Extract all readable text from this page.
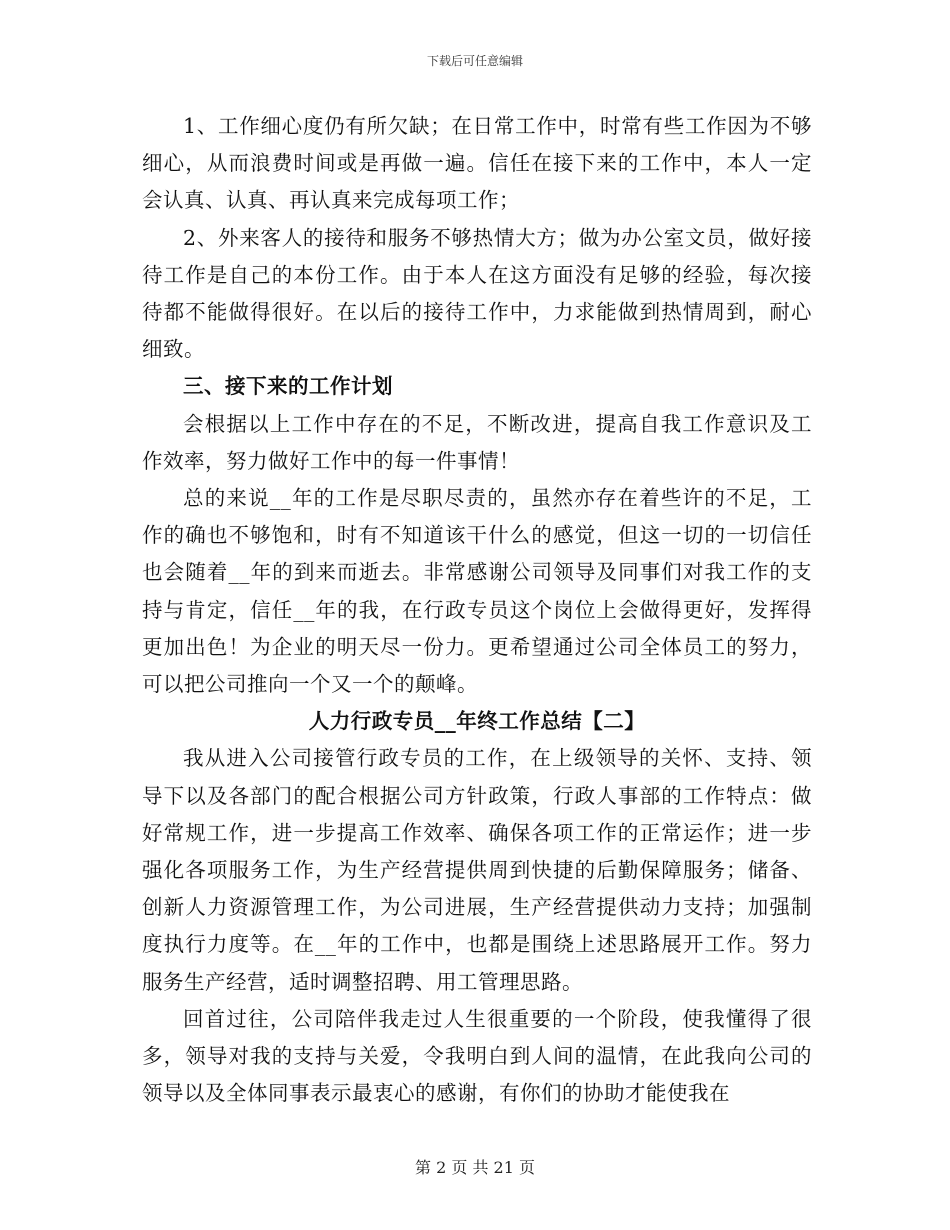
下载后可任意编辑

1、工作细心度仍有所欠缺；在日常工作中，时常有些工作因为不够细心，从而浪费时间或是再做一遍。信任在接下来的工作中，本人一定会认真、认真、再认真来完成每项工作；

2、外来客人的接待和服务不够热情大方；做为办公室文员，做好接待工作是自己的本份工作。由于本人在这方面没有足够的经验，每次接待都不能做得很好。在以后的接待工作中，力求能做到热情周到，耐心细致。

三、接下来的工作计划

会根据以上工作中存在的不足，不断改进，提高自我工作意识及工作效率，努力做好工作中的每一件事情！

总的来说__年的工作是尽职尽责的，虽然亦存在着些许的不足，工作的确也不够饱和，时有不知道该干什么的感觉，但这一切的一切信任也会随着__年的到来而逝去。非常感谢公司领导及同事们对我工作的支持与肯定，信任__年的我，在行政专员这个岗位上会做得更好，发挥得更加出色！为企业的明天尽一份力。更希望通过公司全体员工的努力，可以把公司推向一个又一个的颠峰。

人力行政专员__年终工作总结【二】

我从进入公司接管行政专员的工作，在上级领导的关怀、支持、领导下以及各部门的配合根据公司方针政策，行政人事部的工作特点：做好常规工作，进一步提高工作效率、确保各项工作的正常运作；进一步强化各项服务工作，为生产经营提供周到快捷的后勤保障服务；储备、创新人力资源管理工作，为公司进展，生产经营提供动力支持；加强制度执行力度等。在__年的工作中，也都是围绕上述思路展开工作。努力服务生产经营，适时调整招聘、用工管理思路。

回首过往，公司陪伴我走过人生很重要的一个阶段，使我懂得了很多，领导对我的支持与关爱，令我明白到人间的温情，在此我向公司的领导以及全体同事表示最衷心的感谢，有你们的协助才能使我在

第 2 页 共 21 页
